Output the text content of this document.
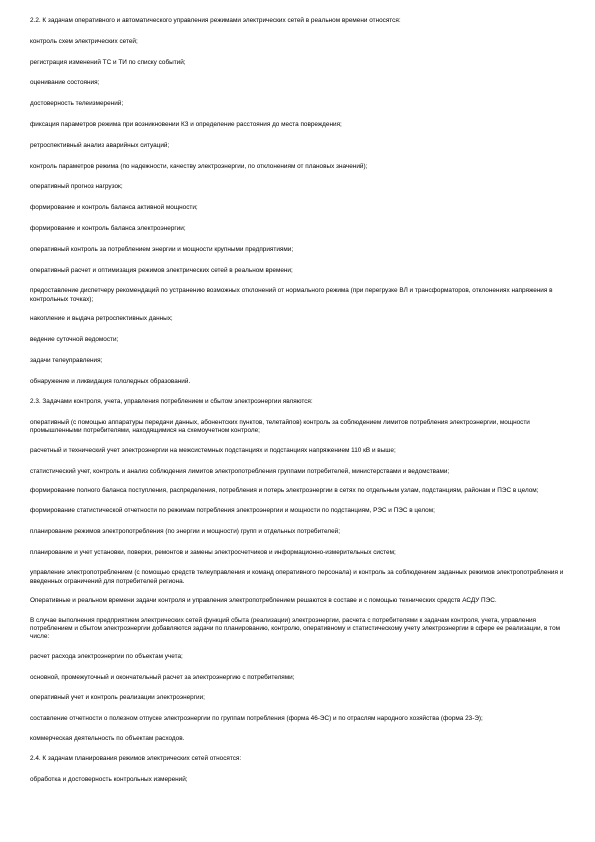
2.2. К задачам оперативного и автоматического управления режимами электрических сетей в реальном времени относятся:

контроль схем электрических сетей;

регистрация изменений ТС и ТИ по списку событий;

оценивание состояния;

достоверность телеизмерений;

фиксация параметров режима при возникновении КЗ и определение расстояния до места повреждения;

ретроспективный анализ аварийных ситуаций;

контроль параметров режима (по надежности, качеству электроэнергии, по отклонениям от плановых значений);

оперативный прогноз нагрузок;

формирование и контроль баланса активной мощности;

формирование и контроль баланса электроэнергии;

оперативный контроль за потреблением энергии и мощности крупными предприятиями;

оперативный расчет и оптимизация режимов электрических сетей в реальном времени;

предоставление диспетчеру рекомендаций по устранению возможных отклонений от нормального режима (при перегрузке ВЛ и трансформаторов, отклонениях напряжения в контрольных точках);

накопление и выдача ретроспективных данных;

ведение суточной ведомости;

задачи телеуправления;

обнаружение и ликвидация гололедных образований.

2.3. Задачами контроля, учета, управления потреблением и сбытом электроэнергии являются:

оперативный (с помощью аппаратуры передачи данных, абонентских пунктов, телетайпов) контроль за соблюдением лимитов потребления электроэнергии, мощности промышленными потребителями, находящимися на схемоучетном контроле;

расчетный и технический учет электроэнергии на межсистемных подстанциях и подстанциях напряжением 110 кВ и выше;

статистический учет, контроль и анализ соблюдения лимитов электропотребления группами потребителей, министерствами и ведомствами;

формирование полного баланса поступления, распределения, потребления и потерь электроэнергии в сетях по отдельным узлам, подстанциям, районам и ПЭС в целом;

формирование статистической отчетности по режимам потребления электроэнергии и мощности по подстанциям, РЭС и ПЭС в целом;

планирование режимов электропотребления (по энергии и мощности) групп и отдельных потребителей;

планирование и учет установки, поверки, ремонтов и замены электросчетчиков и информационно-измерительных систем;

управление электропотреблением (с помощью средств телеуправления и команд оперативного персонала) и контроль за соблюдением заданных режимов электропотребления и введенных ограничений для потребителей региона.

Оперативные и реальном времени задачи контроля и управления электропотреблением решаются в составе и с помощью технических средств АСДУ ПЭС.

В случае выполнения предприятием электрических сетей функций сбыта (реализации) электроэнергии, расчета с потребителями к задачам контроля, учета, управления потреблением и сбытом электроэнергии добавляются задачи по планированию, контролю, оперативному и статистическому учету электроэнергии в сфере ее реализации, в том числе:

расчет расхода электроэнергии по объектам учета;

основной, промежуточный и окончательный расчет за электроэнергию с потребителями;

оперативный учет и контроль реализации электроэнергии;

составление отчетности о полезном отпуске электроэнергии по группам потребления (форма 46-ЭС) и по отраслям народного хозяйства (форма 23-Э);

коммерческая деятельность по объектам расходов.

2.4. К задачам планирования режимов электрических сетей относятся:

обработка и достоверность контрольных измерений;
